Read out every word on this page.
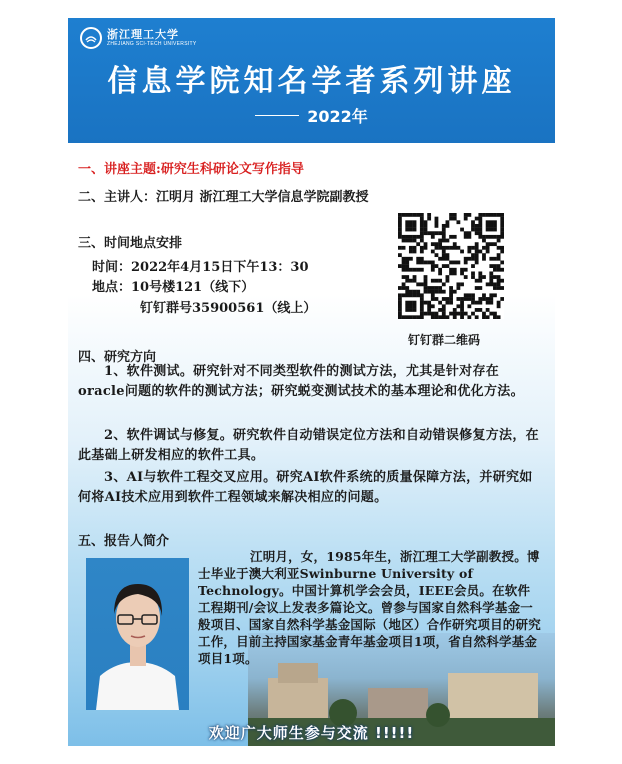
浙江理工大学
ZHEJIANG SCI-TECH UNIVERSITY
信息学院知名学者系列讲座
2022年
一、讲座主题:研究生科研论文写作指导
二、主讲人：江明月 浙江理工大学信息学院副教授
三、时间地点安排
时间：2022年4月15日下午13：30
地点：10号楼121（线下）
钉钉群号35900561（线上）
钉钉群二维码
四、研究方向
1、软件测试。研究针对不同类型软件的测试方法，尤其是针对存在oracle问题的软件的测试方法；研究蜕变测试技术的基本理论和优化方法。
2、软件调试与修复。研究软件自动错误定位方法和自动错误修复方法，在此基础上研发相应的软件工具。
3、AI与软件工程交叉应用。研究AI软件系统的质量保障方法，并研究如何将AI技术应用到软件工程领域来解决相应的问题。
五、报告人简介

江明月，女，1985年生，浙江理工大学副教授。博士毕业于澳大利亚Swinburne University of Technology。中国计算机学会会员，IEEE会员。在软件工程期刊/会议上发表多篇论文。曾参与国家自然科学基金一般项目、国家自然科学基金国际（地区）合作研究项目的研究工作，目前主持国家基金青年基金项目1项，省自然科学基金项目1项。

欢迎广大师生参与交流 !!!!!
